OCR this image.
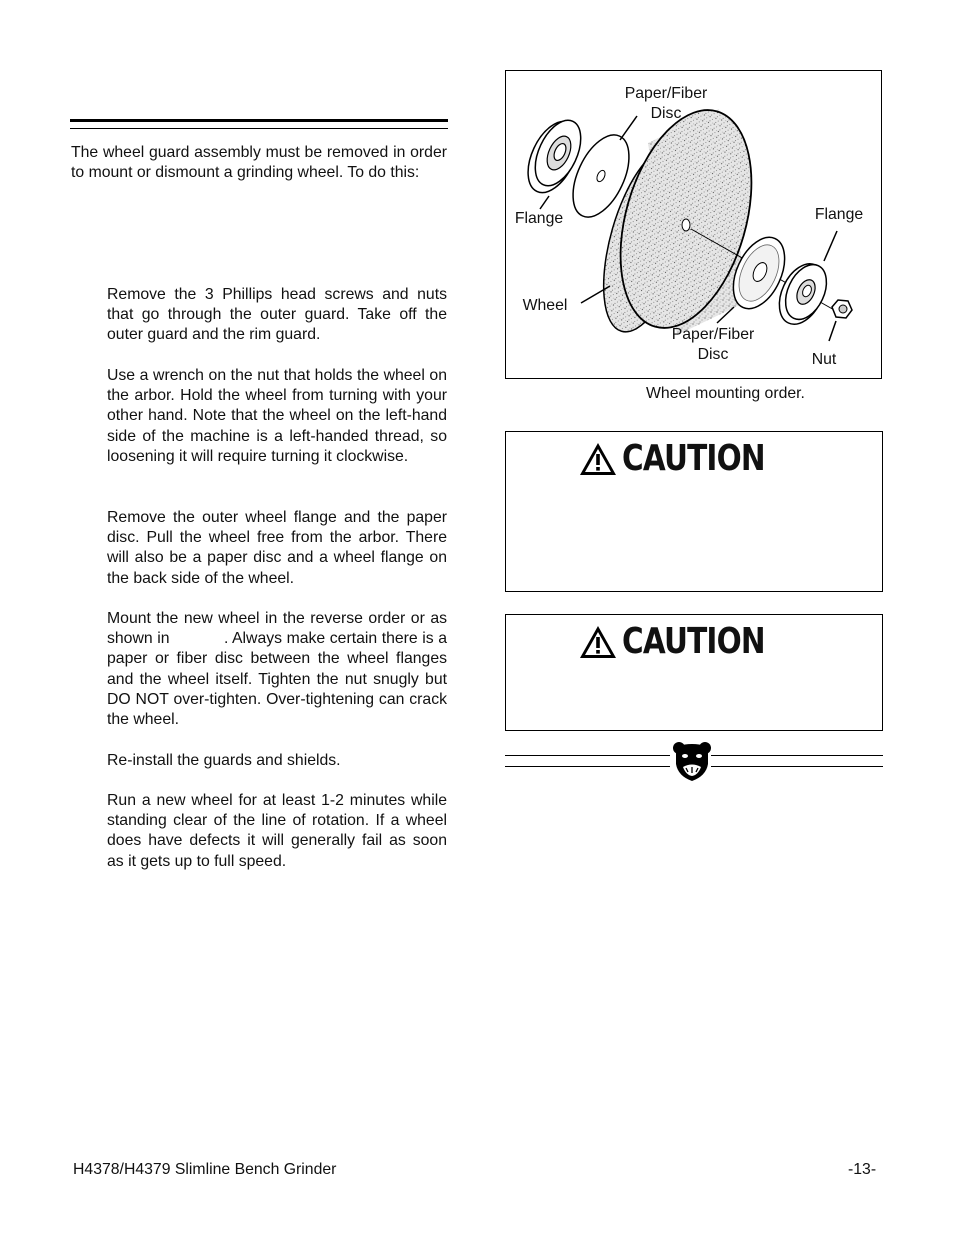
The wheel guard assembly must be removed in order to mount or dismount a grinding wheel. To do this:
Remove the 3 Phillips head screws and nuts that go through the outer guard. Take off the outer guard and the rim guard.
Use a wrench on the nut that holds the wheel on the arbor. Hold the wheel from turning with your other hand. Note that the wheel on the left-hand side of the machine is a left-handed thread, so loosening it will require turning it clockwise.
Remove the outer wheel flange and the paper disc. Pull the wheel free from the arbor. There will also be a paper disc and a wheel flange on the back side of the wheel.
Mount the new wheel in the reverse order or as shown in            . Always make certain there is a paper or fiber disc between the wheel flanges and the wheel itself. Tighten the nut snugly but DO NOT over-tighten. Over-tightening can crack the wheel.
Re-install the guards and shields.
Run a new wheel for at least 1-2 minutes while standing clear of the line of rotation. If a wheel does have defects it will generally fail as soon as it gets up to full speed.
Paper/Fiber
Disc
Flange	Flange
Wheel
Paper/Fiber
Disc	Nut
Wheel mounting order.
CAUTION
CAUTION
H4378/H4379 Slimline Bench Grinder	-13-
